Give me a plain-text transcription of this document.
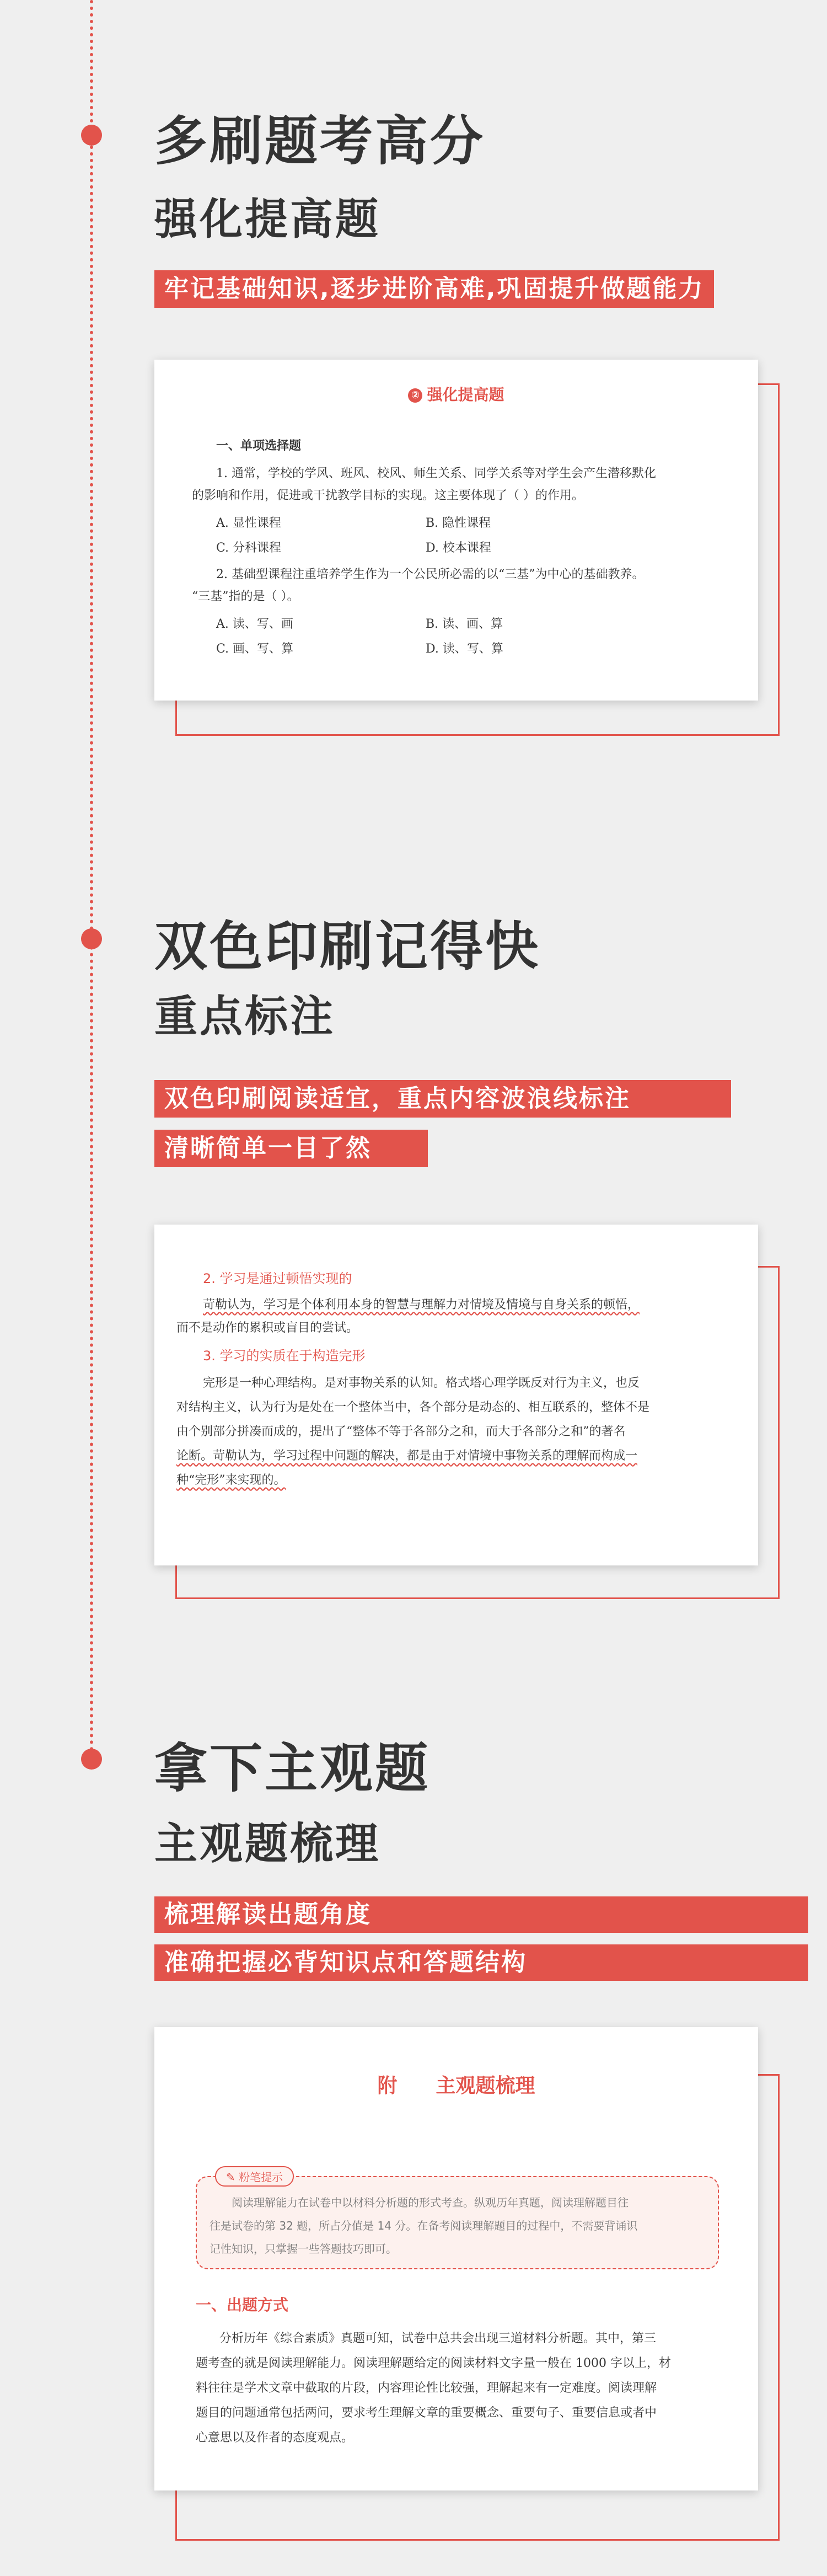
多刷题考高分
强化提高题
牢记基础知识,逐步进阶高难,巩固提升做题能力
② 强化提高题
一、单项选择题
1. 通常，学校的学风、班风、校风、师生关系、同学关系等对学生会产生潜移默化
的影响和作用，促进或干扰教学目标的实现。这主要体现了（ ）的作用。
A. 显性课程	B. 隐性课程
C. 分科课程	D. 校本课程
2. 基础型课程注重培养学生作为一个公民所必需的以“三基”为中心的基础教养。
“三基”指的是（ ）。
A. 读、写、画	B. 读、画、算
C. 画、写、算	D. 读、写、算
双色印刷记得快
重点标注
双色印刷阅读适宜，重点内容波浪线标注
清晰简单一目了然
2. 学习是通过顿悟实现的
苛勒认为，学习是个体利用本身的智慧与理解力对情境及情境与自身关系的顿悟，
而不是动作的累积或盲目的尝试。
3. 学习的实质在于构造完形
完形是一种心理结构。是对事物关系的认知。格式塔心理学既反对行为主义，也反
对结构主义，认为行为是处在一个整体当中，各个部分是动态的、相互联系的，整体不是
由个别部分拼凑而成的，提出了“整体不等于各部分之和，而大于各部分之和”的著名
论断。苛勒认为，学习过程中问题的解决，都是由于对情境中事物关系的理解而构成一
种“完形”来实现的。
拿下主观题
主观题梳理
梳理解读出题角度
准确把握必背知识点和答题结构
附 主观题梳理
✎ 粉笔提示
阅读理解能力在试卷中以材料分析题的形式考查。纵观历年真题，阅读理解题目往
往是试卷的第 32 题，所占分值是 14 分。在备考阅读理解题目的过程中，不需要背诵识
记性知识，只掌握一些答题技巧即可。
一、出题方式
分析历年《综合素质》真题可知，试卷中总共会出现三道材料分析题。其中，第三
题考查的就是阅读理解能力。阅读理解题给定的阅读材料文字量一般在 1000 字以上，材
料往往是学术文章中截取的片段，内容理论性比较强，理解起来有一定难度。阅读理解
题目的问题通常包括两问，要求考生理解文章的重要概念、重要句子、重要信息或者中
心意思以及作者的态度观点。
